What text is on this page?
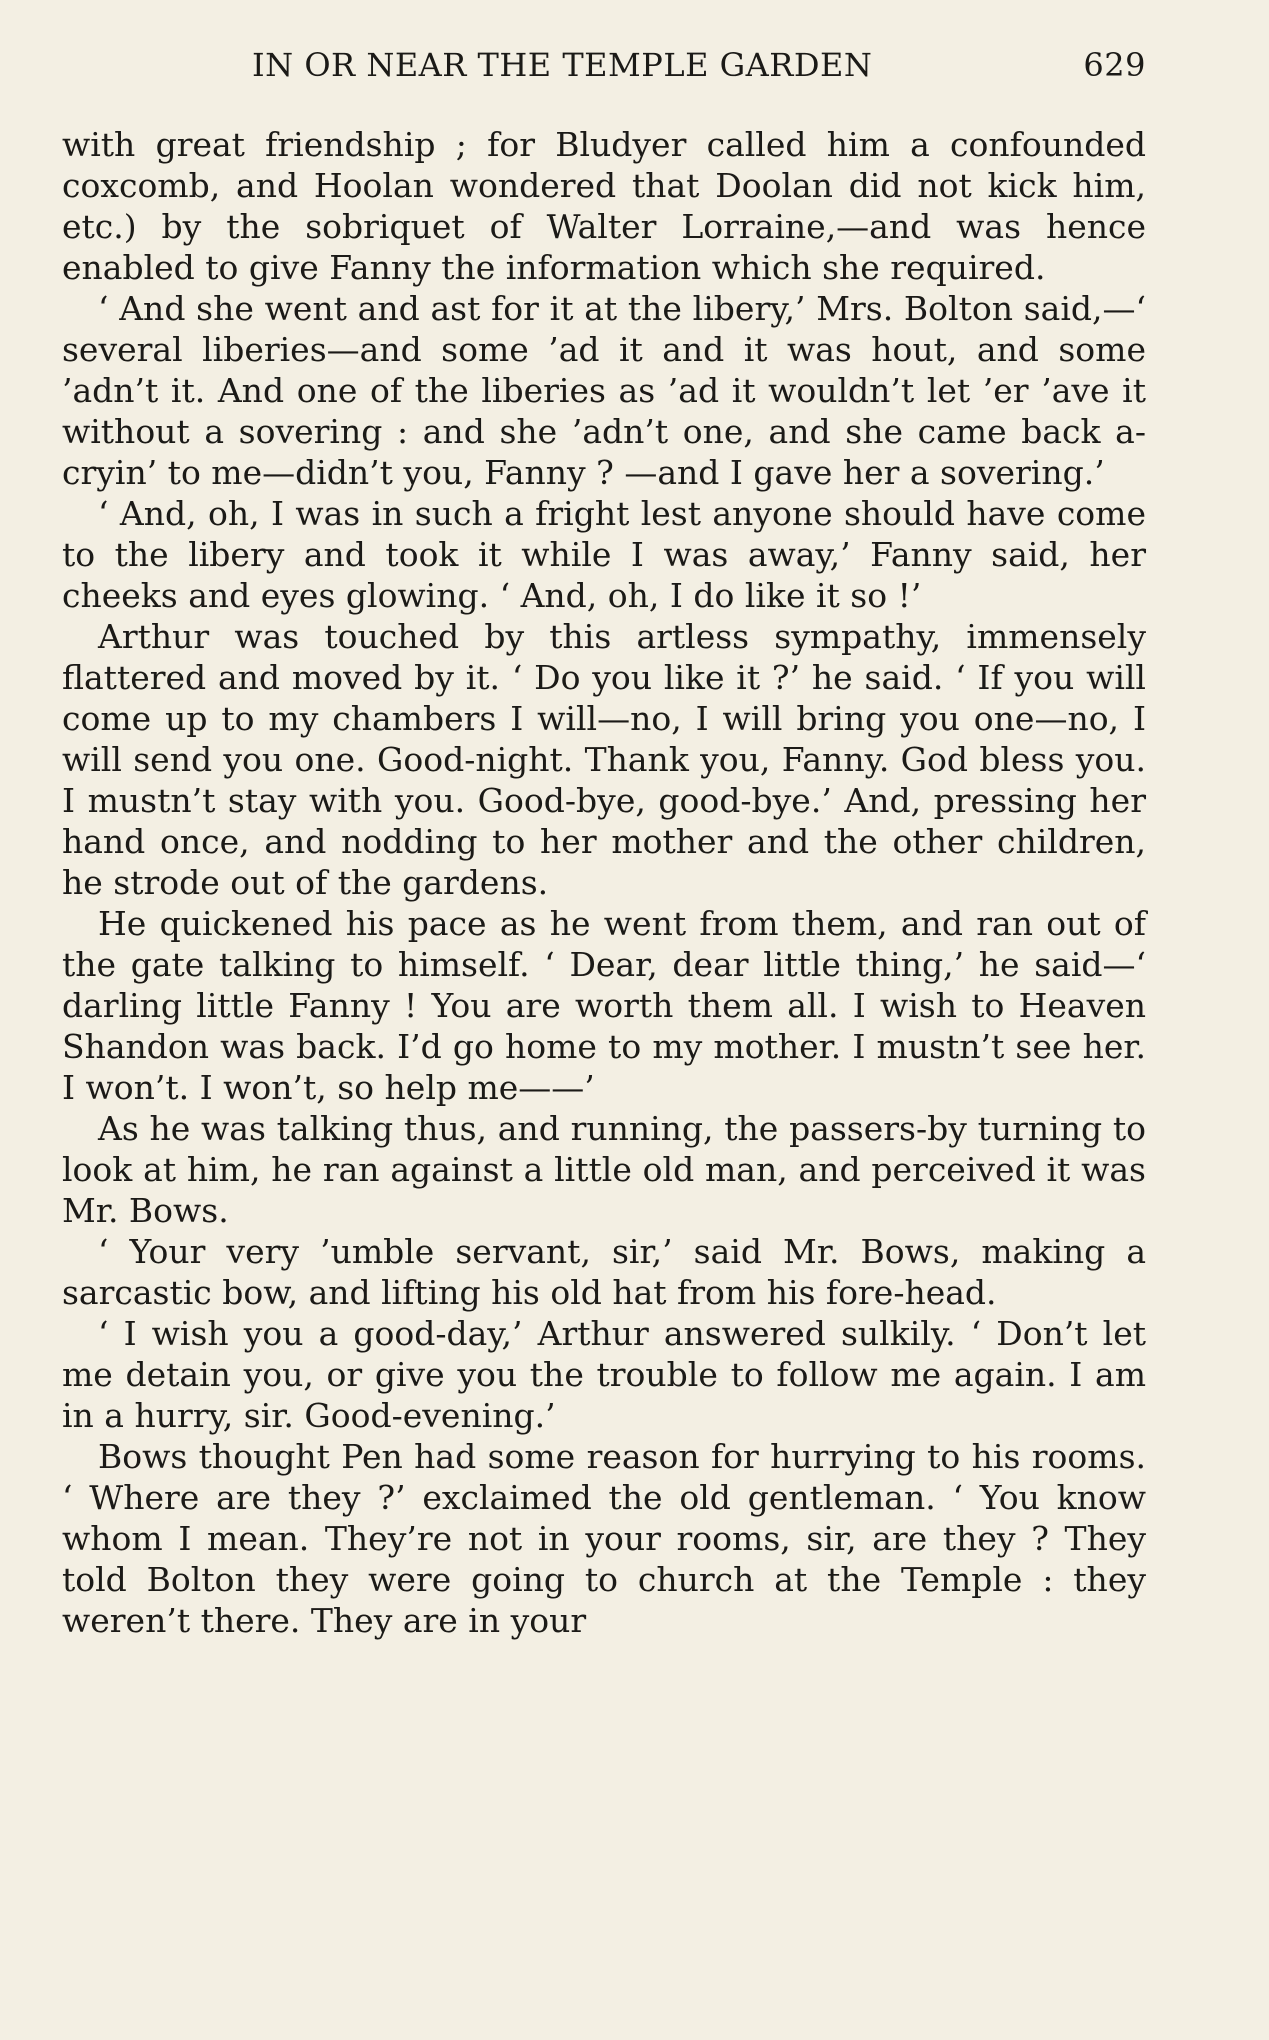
IN OR NEAR THE TEMPLE GARDEN	629

with great friendship ; for Bludyer called him a confounded coxcomb, and Hoolan wondered that Doolan did not kick him, etc.) by the sobriquet of Walter Lorraine,—and was hence enabled to give Fanny the information which she required.

‘ And she went and ast for it at the libery,’ Mrs. Bolton said,—‘ several liberies—and some ’ad it and it was hout, and some ’adn’t it. And one of the liberies as ’ad it wouldn’t let ’er ’ave it without a sovering : and she ’adn’t one, and she came back a-cryin’ to me—didn’t you, Fanny ? —and I gave her a sovering.’

‘ And, oh, I was in such a fright lest anyone should have come to the libery and took it while I was away,’ Fanny said, her cheeks and eyes glowing. ‘ And, oh, I do like it so !’

Arthur was touched by this artless sympathy, immensely flattered and moved by it. ‘ Do you like it ?’ he said. ‘ If you will come up to my chambers I will—no, I will bring you one—no, I will send you one. Good-night. Thank you, Fanny. God bless you. I mustn’t stay with you. Good-bye, good-bye.’ And, pressing her hand once, and nodding to her mother and the other children, he strode out of the gardens.

He quickened his pace as he went from them, and ran out of the gate talking to himself. ‘ Dear, dear little thing,’ he said—‘ darling little Fanny ! You are worth them all. I wish to Heaven Shandon was back. I’d go home to my mother. I mustn’t see her. I won’t. I won’t, so help me——’

As he was talking thus, and running, the passers-by turning to look at him, he ran against a little old man, and perceived it was Mr. Bows.

‘ Your very ’umble servant, sir,’ said Mr. Bows, making a sarcastic bow, and lifting his old hat from his fore-head.

‘ I wish you a good-day,’ Arthur answered sulkily. ‘ Don’t let me detain you, or give you the trouble to follow me again. I am in a hurry, sir. Good-evening.’

Bows thought Pen had some reason for hurrying to his rooms. ‘ Where are they ?’ exclaimed the old gentleman. ‘ You know whom I mean. They’re not in your rooms, sir, are they ? They told Bolton they were going to church at the Temple : they weren’t there. They are in your
